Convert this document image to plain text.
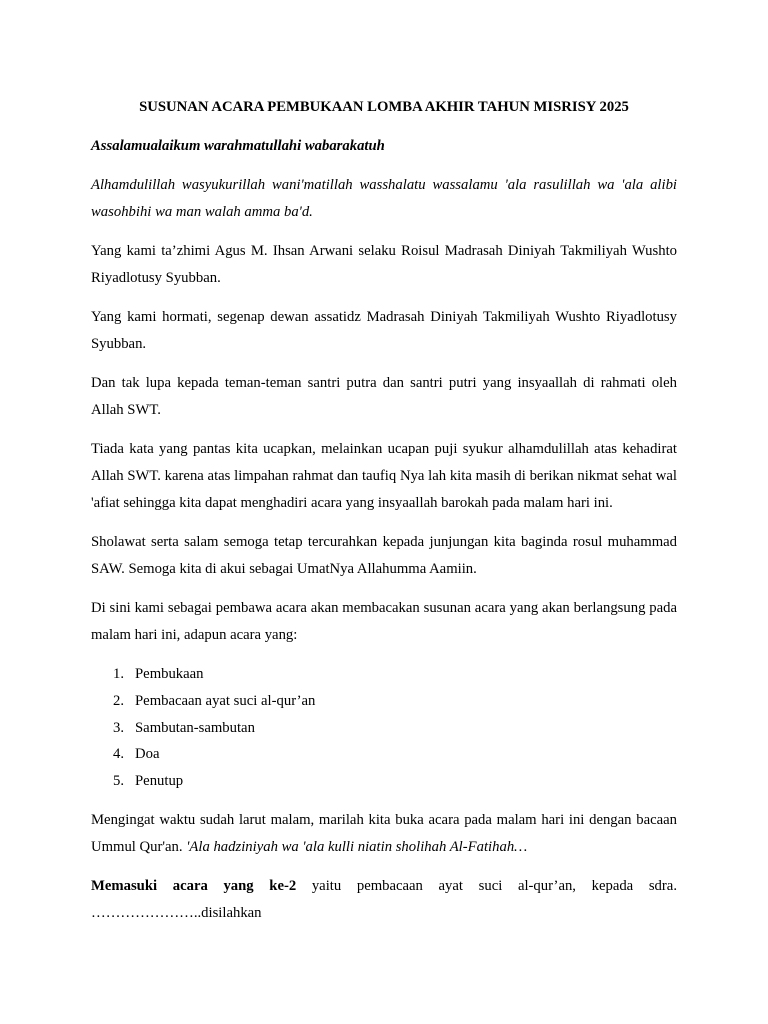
SUSUNAN ACARA PEMBUKAAN LOMBA AKHIR TAHUN MISRISY 2025

Assalamualaikum warahmatullahi wabarakatuh

Alhamdulillah wasyukurillah wani'matillah wasshalatu wassalamu 'ala rasulillah wa 'ala alibi
wasohbihi wa man walah amma ba'd.

Yang kami ta’zhimi Agus M. Ihsan Arwani selaku Roisul Madrasah Diniyah Takmiliyah Wushto Riyadlotusy Syubban.

Yang kami hormati, segenap dewan assatidz Madrasah Diniyah Takmiliyah Wushto Riyadlotusy Syubban.

Dan tak lupa kepada teman-teman santri putra dan santri putri yang insyaallah di rahmati oleh Allah SWT.

Tiada kata yang pantas kita ucapkan, melainkan ucapan puji syukur alhamdulillah atas kehadirat Allah SWT. karena atas limpahan rahmat dan taufiq Nya lah kita masih di berikan nikmat sehat wal 'afiat sehingga kita dapat menghadiri acara yang insyaallah barokah pada malam hari ini.

Sholawat serta salam semoga tetap tercurahkan kepada junjungan kita baginda rosul muhammad SAW. Semoga kita di akui sebagai UmatNya Allahumma Aamiin.

Di sini kami sebagai pembawa acara akan membacakan susunan acara yang akan berlangsung pada malam hari ini, adapun acara yang:

1. Pembukaan
2. Pembacaan ayat suci al-qur’an
3. Sambutan-sambutan
4. Doa
5. Penutup

Mengingat waktu sudah larut malam, marilah kita buka acara pada malam hari ini dengan bacaan Ummul Qur'an. 'Ala hadziniyah wa 'ala kulli niatin sholihah Al-Fatihah…

Memasuki acara yang ke-2 yaitu pembacaan ayat suci al-qur’an, kepada sdra.
…………………..disilahkan
